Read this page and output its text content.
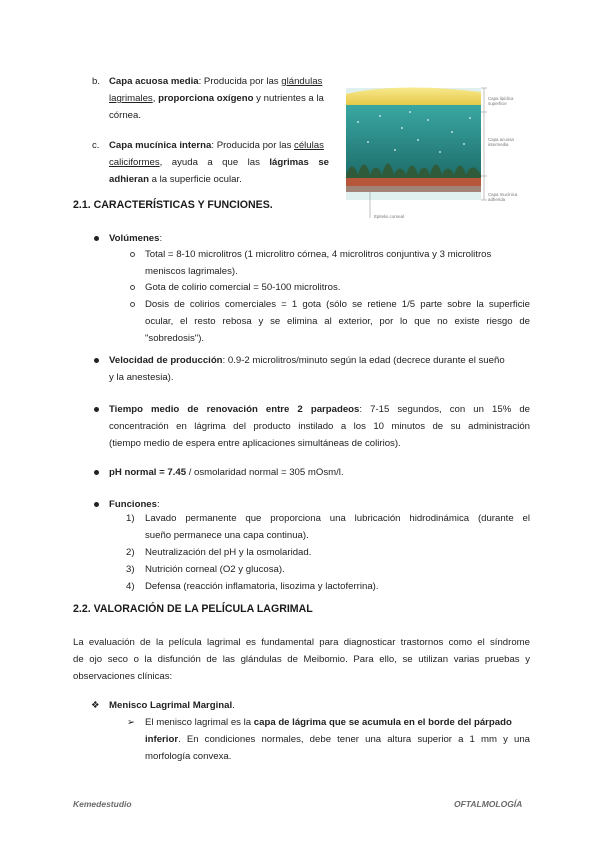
b. Capa acuosa media: Producida por las glándulas
lagrimales, proporciona oxígeno y nutrientes a la
córnea.
c. Capa mucínica interna: Producida por las células
caliciformes, ayuda a que las lágrimas se
adhieran a la superficie ocular.
Capa lipídica
superficie
Capa acuosa
intermedia
Capa mucínica
adherida
Epitelio corneal
2.1. CARACTERÍSTICAS Y FUNCIONES.
Volúmenes:
Total = 8-10 microlitros (1 microlitro córnea, 4 microlitros conjuntiva y 3 microlitros
meniscos lagrimales).
Gota de colirio comercial = 50-100 microlitros.
Dosis de colirios comerciales = 1 gota (sólo se retiene 1/5 parte sobre la superficie
ocular, el resto rebosa y se elimina al exterior, por lo que no existe riesgo de
"sobredosis").
Velocidad de producción: 0.9-2 microlitros/minuto según la edad (decrece durante el sueño
y la anestesia).
Tiempo medio de renovación entre 2 parpadeos: 7-15 segundos, con un 15% de
concentración en lágrima del producto instilado a los 10 minutos de su administración
(tiempo medio de espera entre aplicaciones simultáneas de colirios).
pH normal = 7.45 / osmolaridad normal = 305 mOsm/l.
Funciones:
1) Lavado permanente que proporciona una lubricación hidrodinámica (durante el
sueño permanece una capa continua).
2) Neutralización del pH y la osmolaridad.
3) Nutrición corneal (O2 y glucosa).
4) Defensa (reacción inflamatoria, lisozima y lactoferrina).
2.2. VALORACIÓN DE LA PELÍCULA LAGRIMAL
La evaluación de la película lagrimal es fundamental para diagnosticar trastornos como el síndrome
de ojo seco o la disfunción de las glándulas de Meibomio. Para ello, se utilizan varias pruebas y
observaciones clínicas:
❖ Menisco Lagrimal Marginal.
➢ El menisco lagrimal es la capa de lágrima que se acumula en el borde del párpado
inferior. En condiciones normales, debe tener una altura superior a 1 mm y una
morfología convexa.
Kemedestudio	OFTALMOLOGÍA
